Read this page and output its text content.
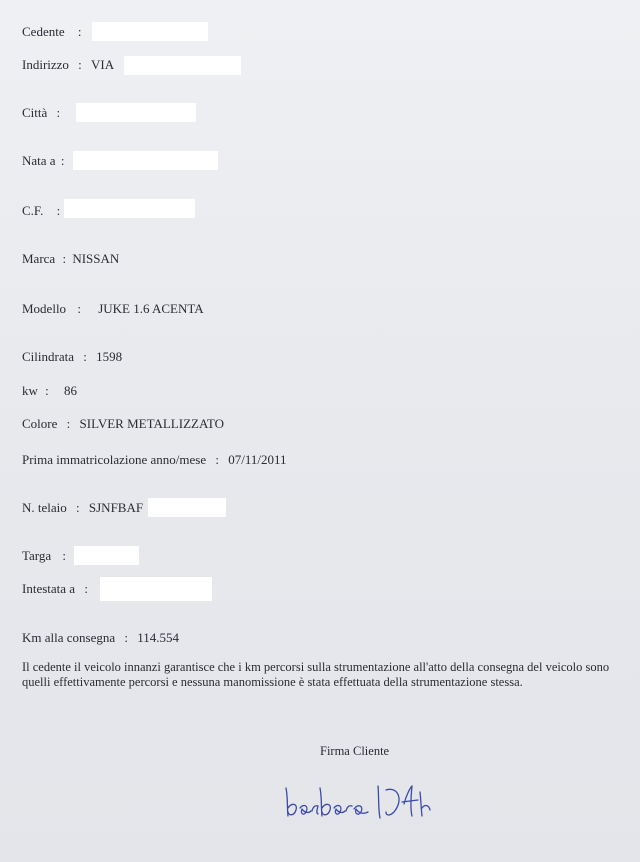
Cedente :
Indirizzo : VIA
Città :
Nata a :
C.F. :
Marca : NISSAN
Modello : JUKE 1.6 ACENTA
Cilindrata : 1598
kw : 86
Colore : SILVER METALLIZZATO
Prima immatricolazione anno/mese : 07/11/2011
N. telaio : SJNFBAF
Targa :
Intestata a :
Km alla consegna : 114.554
Il cedente il veicolo innanzi garantisce che i km percorsi sulla strumentazione all'atto della consegna del veicolo sono quelli effettivamente percorsi e nessuna manomissione è stata effettuata della strumentazione stessa.
Firma Cliente
